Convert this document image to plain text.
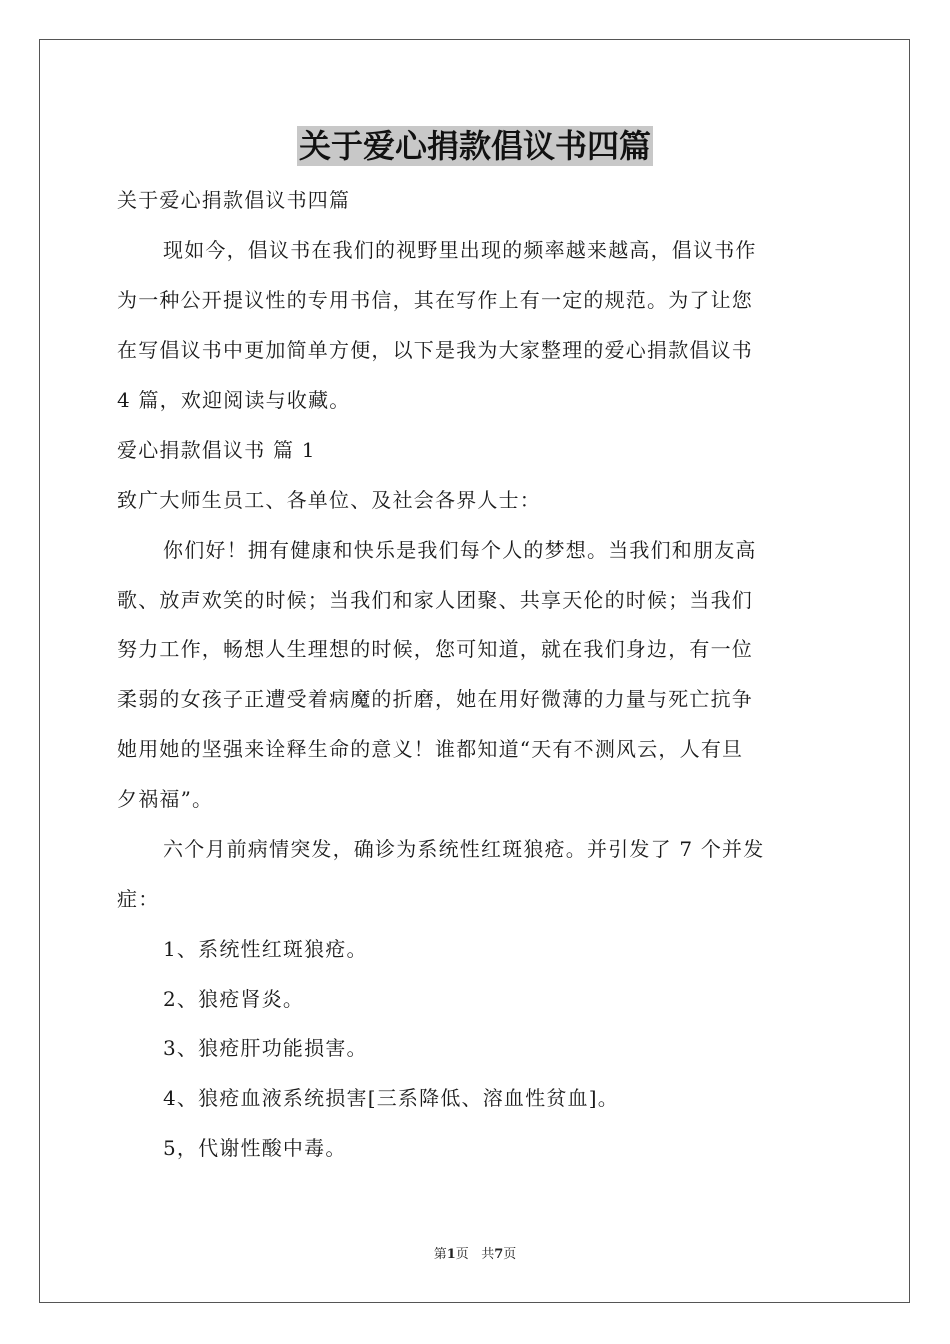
关于爱心捐款倡议书四篇
关于爱心捐款倡议书四篇
现如今，倡议书在我们的视野里出现的频率越来越高，倡议书作
为一种公开提议性的专用书信，其在写作上有一定的规范。为了让您
在写倡议书中更加简单方便，以下是我为大家整理的爱心捐款倡议书
4 篇，欢迎阅读与收藏。
爱心捐款倡议书 篇 1
致广大师生员工、各单位、及社会各界人士：
你们好！拥有健康和快乐是我们每个人的梦想。当我们和朋友高
歌、放声欢笑的时候；当我们和家人团聚、共享天伦的时候；当我们
努力工作，畅想人生理想的时候，您可知道，就在我们身边，有一位
柔弱的女孩子正遭受着病魔的折磨，她在用好微薄的力量与死亡抗争
她用她的坚强来诠释生命的意义！谁都知道“天有不测风云，人有旦
夕祸福”。
六个月前病情突发，确诊为系统性红斑狼疮。并引发了 7 个并发
症：
1、系统性红斑狼疮。
2、狼疮肾炎。
3、狼疮肝功能损害。
4、狼疮血液系统损害[三系降低、溶血性贫血]。
5，代谢性酸中毒。
第1页   共7页
